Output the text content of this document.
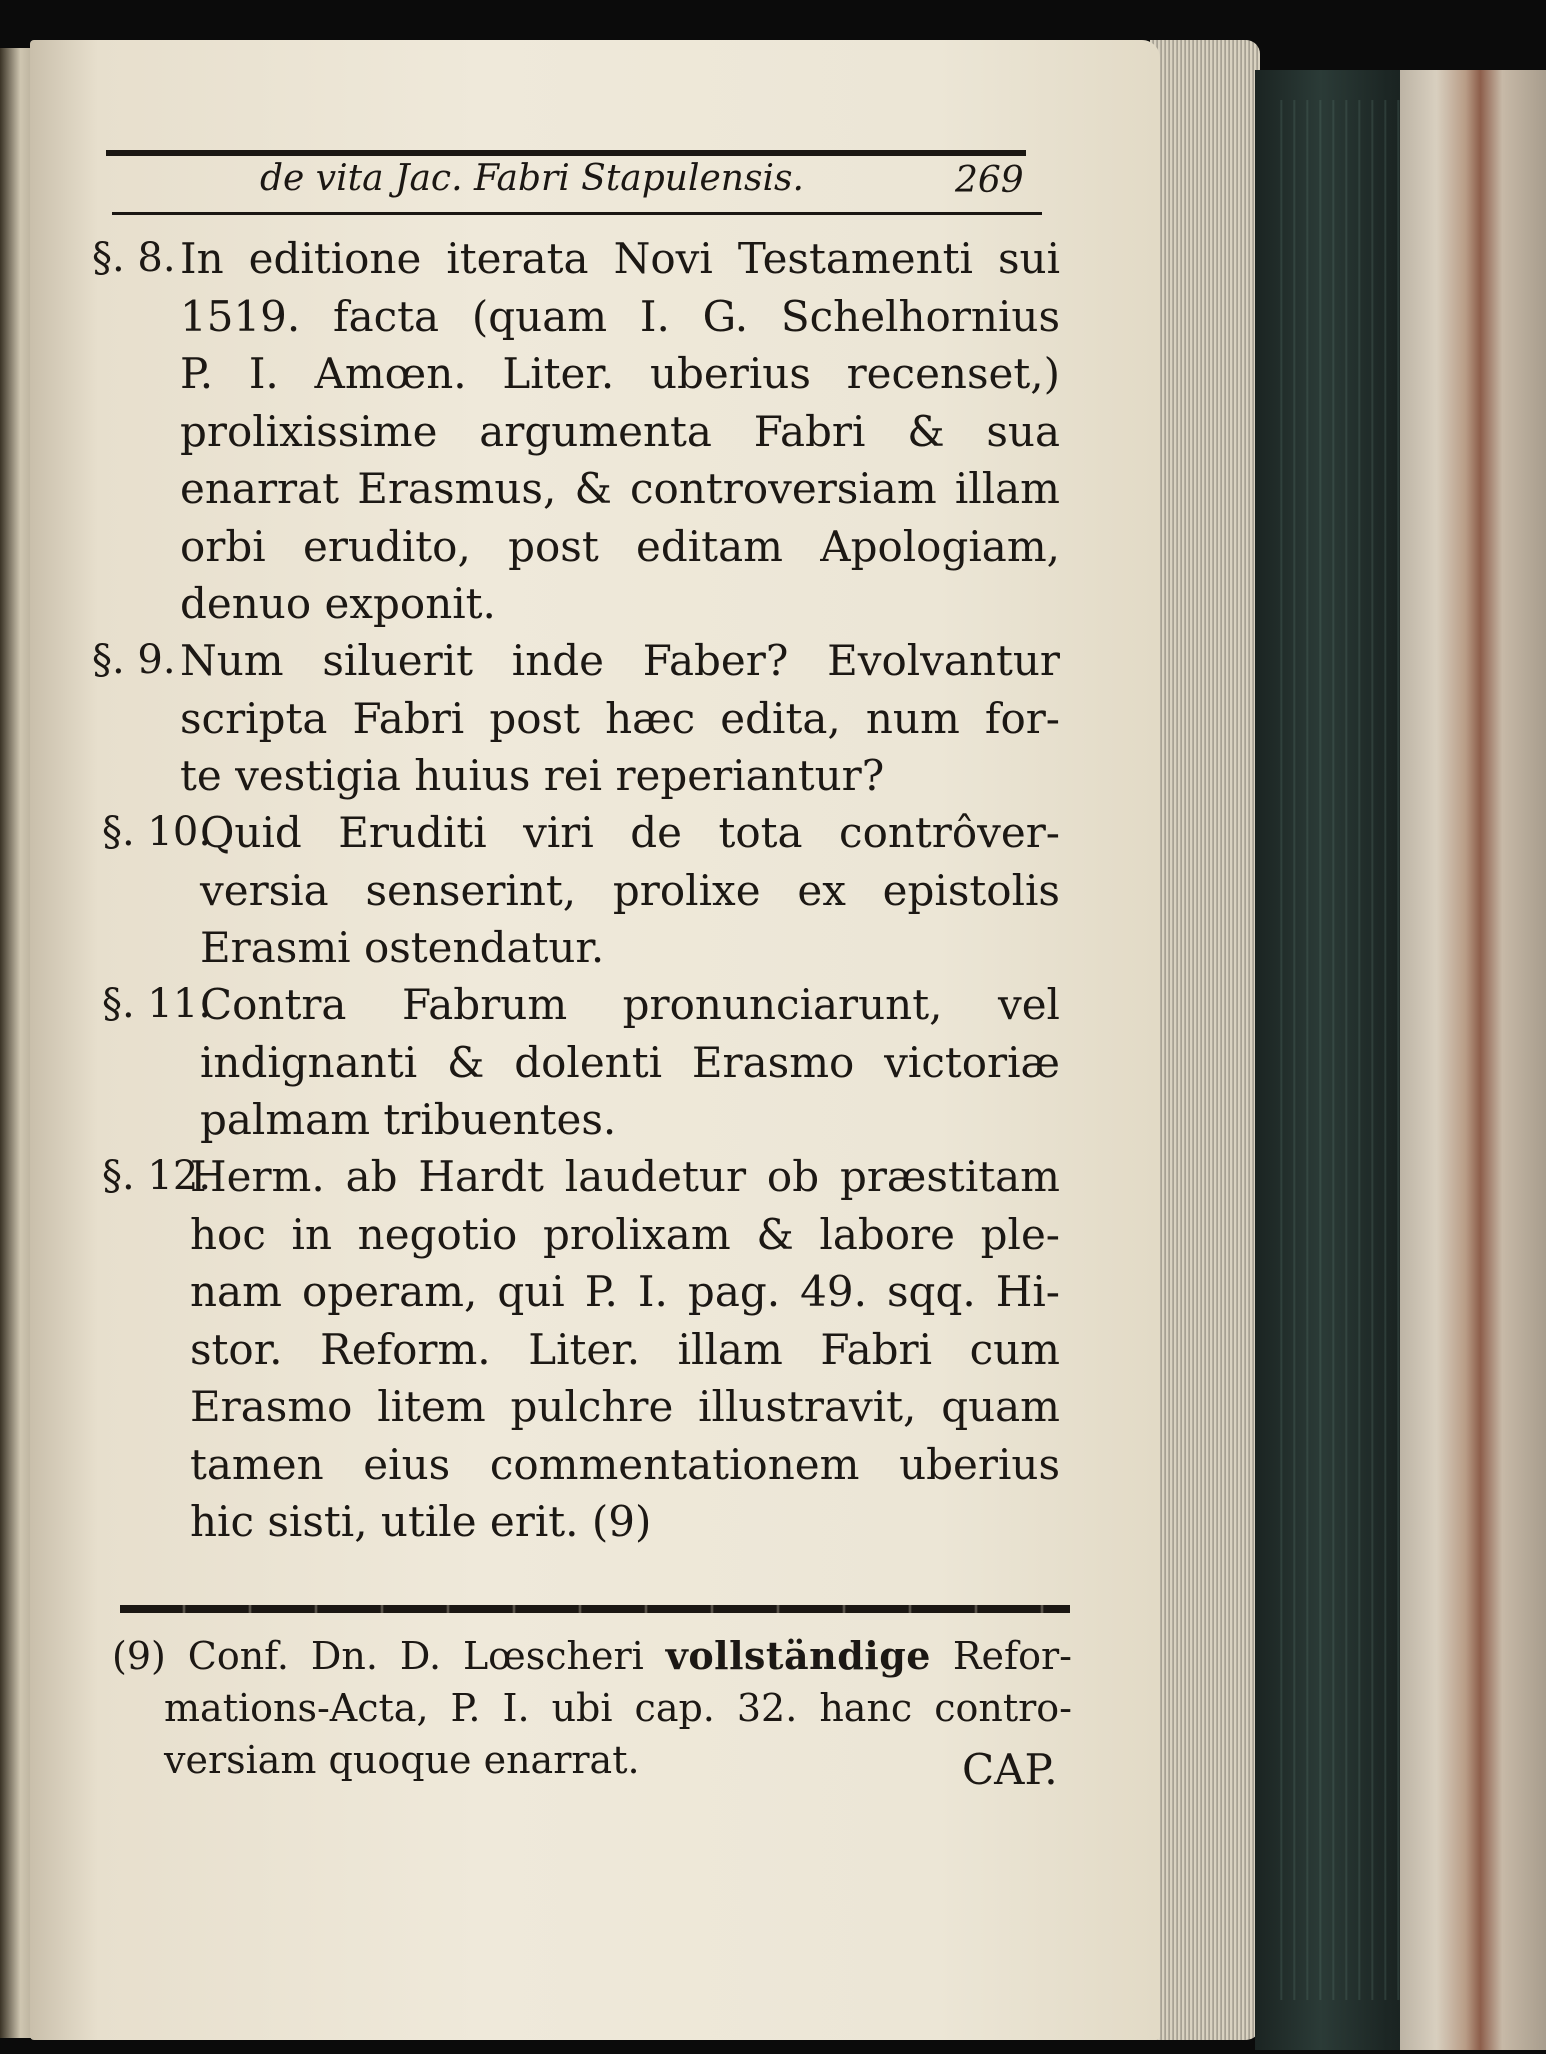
de vita Jac. Fabri Stapulensis.	269
§. 8. In editione iterata Novi Testamenti sui
1519. facta (quam I. G. Schelhornius
P. I. Amœn. Liter. uberius recenset,)
prolixissime argumenta Fabri & sua
enarrat Erasmus, & controversiam illam
orbi erudito, post editam Apologiam,
denuo exponit.
§. 9. Num siluerit inde Faber? Evolvantur
scripta Fabri post hæc edita, num for-
te vestigia huius rei reperiantur?
§. 10.
Quid Eruditi viri de tota contrôver-
versia senserint, prolixe ex epistolis
Erasmi ostendatur.
§. 11.
Contra Fabrum pronunciarunt, vel
indignanti & dolenti Erasmo victoriæ
palmam tribuentes.
§. 12.
Herm. ab Hardt laudetur ob præstitam
hoc in negotio prolixam & labore ple-
nam operam, qui P. I. pag. 49. sqq. Hi-
stor. Reform. Liter. illam Fabri cum
Erasmo litem pulchre illustravit, quam
tamen eius commentationem uberius
hic sisti, utile erit. (9)
(9) Conf. Dn. D. Lœscheri vollständige Refor-
mations-Acta, P. I. ubi cap. 32. hanc contro-
versiam quoque enarrat.	CAP.
